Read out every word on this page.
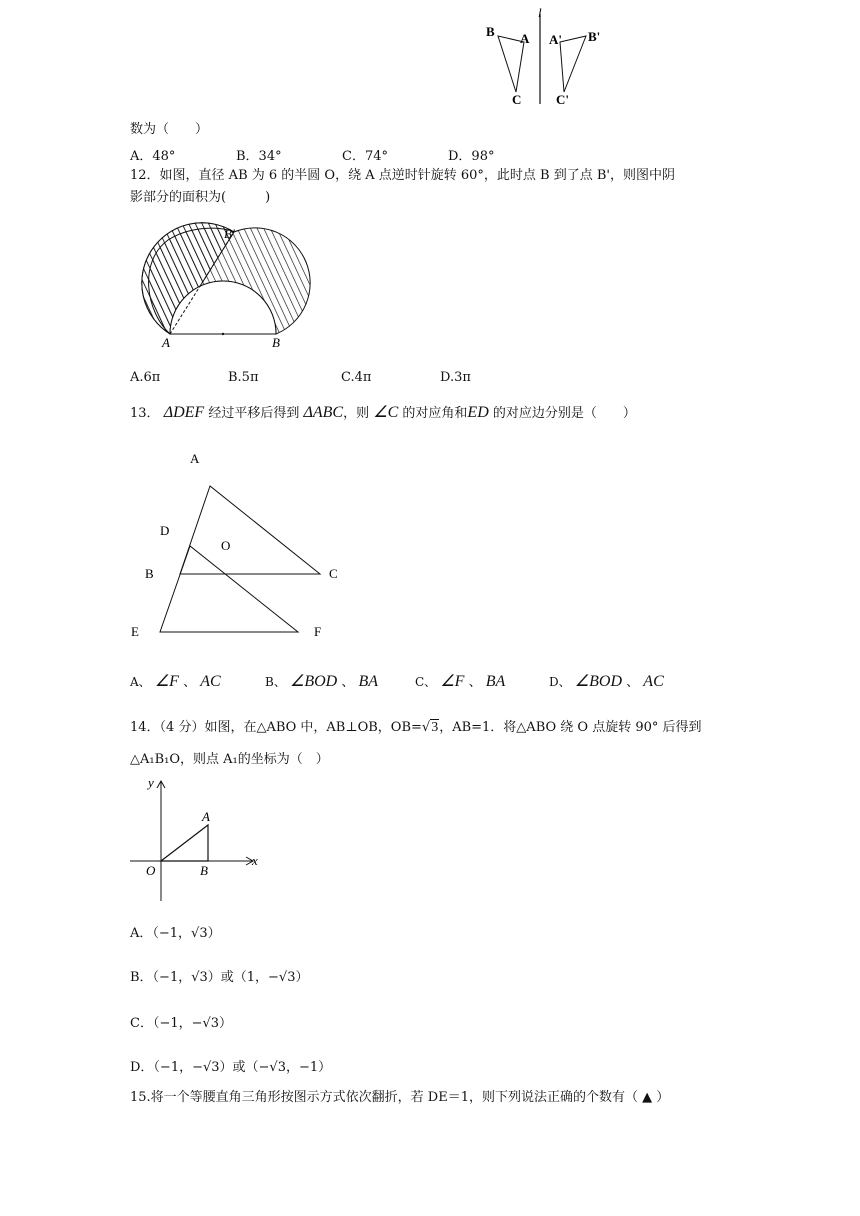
B A
C
A' B'
C'
l
数为（　　）
A．48°	B．34°	C．74°	D．98°
12．如图，直径 AB 为 6 的半圆 O，绕 A 点逆时针旋转 60°，此时点 B 到了点 B'，则图中阴
影部分的面积为(　　　)
B'
A	B
A.6π	B.5π	C.4π	D.3π
13． ΔDEF 经过平移后得到 ΔABC，则 ∠C 的对应角和ED 的对应边分别是（　　）
A
D
O
B	C
E	F
A、 ∠F 、 AC	B、 ∠BOD 、 BA	C、 ∠F 、 BA	D、 ∠BOD 、 AC
14．（4 分）如图，在△ABO 中，AB⊥OB，OB=√3，AB=1．将△ABO 绕 O 点旋转 90° 后得到
△A₁B₁O，则点 A₁的坐标为（　）
y
x
A
O	B
A．（−1，√3）
B．（−1，√3）或（1，−√3）
C．（−1，−√3）
D．（−1，−√3）或（−√3，−1）
15.将一个等腰直角三角形按图示方式依次翻折，若 DE＝1，则下列说法正确的个数有（ ▲ ）
